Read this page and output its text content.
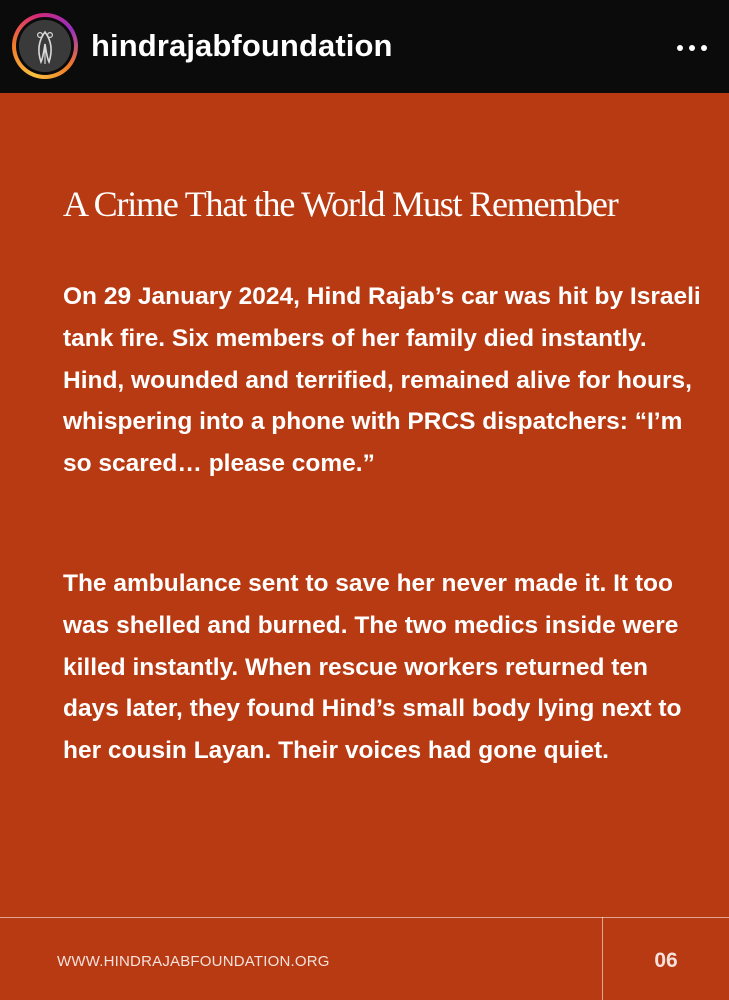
hindrajabfoundation
A Crime That the World Must Remember

On 29 January 2024, Hind Rajab’s car was hit by Israeli tank fire. Six members of her family died instantly. Hind, wounded and terrified, remained alive for hours, whispering into a phone with PRCS dispatchers: “I’m so scared… please come.”

The ambulance sent to save her never made it. It too was shelled and burned. The two medics inside were killed instantly. When rescue workers returned ten days later, they found Hind’s small body lying next to her cousin Layan. Their voices had gone quiet.

WWW.HINDRAJABFOUNDATION.ORG	06
